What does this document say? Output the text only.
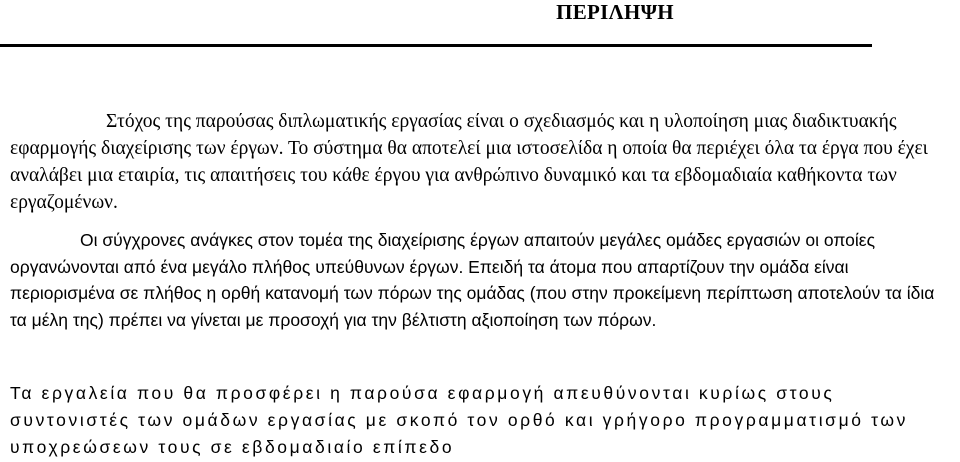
ΠΕΡΙΛΗΨΗ

Στόχος της παρούσας διπλωματικής εργασίας είναι ο σχεδιασμός και η υλοποίηση μιας διαδικτυακής εφαρμογής διαχείρισης των έργων. Το σύστημα θα αποτελεί μια ιστοσελίδα η οποία θα περιέχει όλα τα έργα που έχει αναλάβει μια εταιρία, τις απαιτήσεις του κάθε έργου για ανθρώπινο δυναμικό και τα εβδομαδιαία καθήκοντα των εργαζομένων.

Οι σύγχρονες ανάγκες στον τομέα της διαχείρισης έργων απαιτούν μεγάλες ομάδες εργασιών οι οποίες οργανώνονται από ένα μεγάλο πλήθος υπεύθυνων έργων. Επειδή τα άτομα που απαρτίζουν την ομάδα είναι περιορισμένα σε πλήθος η ορθή κατανομή των πόρων της ομάδας (που στην προκείμενη περίπτωση αποτελούν τα ίδια τα μέλη της) πρέπει να γίνεται με προσοχή για την βέλτιστη αξιοποίηση των πόρων.

Τα εργαλεία που θα προσφέρει η παρούσα εφαρμογή απευθύνονται κυρίως στους συντονιστές των ομάδων εργασίας με σκοπό τον ορθό και γρήγορο προγραμματισμό των υποχρεώσεων τους σε εβδομαδιαίο επίπεδο
